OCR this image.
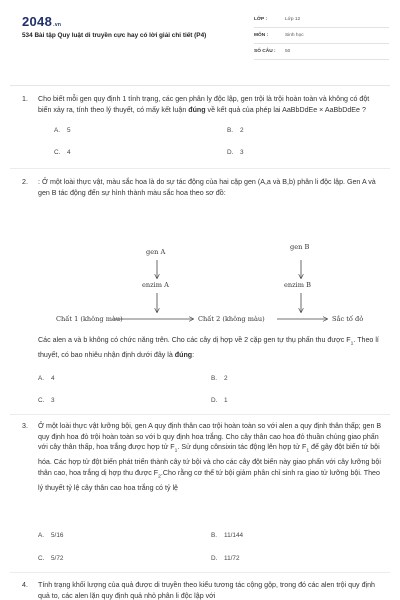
2048.vn
534 Bài tập Quy luật di truyền cực hay có lời giải chi tiết (P4)
LỚP :	Lớp 12
MÔN :	Sinh học
SỐ CÂU : 50
1. Cho biết mỗi gen quy định 1 tính trạng, các gen phân ly độc lập, gen trội là trội hoàn toàn và không có đột biến xảy ra, tính theo lý thuyết, có mấy kết luận đúng về kết quả của phép lai AaBbDdEe × AaBbDdEe ?
A. 5	B. 2
C. 4	D. 3
2. : Ở một loài thực vật, màu sắc hoa là do sự tác động của hai cặp gen (A,a và B,b) phân li độc lập. Gen A và gen B tác động đến sự hình thành màu sắc hoa theo sơ đồ:
gen A
gen B
enzim A	enzim B
Chất 1 (không màu)	Chất 2 (không màu)	Sắc tố đỏ
Các alen a và b không có chức năng trên. Cho các cây dị hợp về 2 cặp gen tự thụ phấn thu được $F_1$. Theo lí thuyết, có bao nhiêu nhận định dưới đây là đúng:
A. 4	B. 2
C. 3	D. 1
3. Ở một loài thực vật lưỡng bội, gen A quy định thân cao trội hoàn toàn so với alen a quy định thân thấp; gen B quy định hoa đỏ trội hoàn toàn so với b quy định hoa trắng. Cho cây thân cao hoa đỏ thuần chủng giao phấn với cây thân thấp, hoa trắng được hợp tử $F_1$. Sử dụng cônsixin tác động lên hợp tử $F_1$ để gây đột biến tứ bội hóa. Các hợp tử đột biến phát triển thành cây tứ bội và cho các cây đột biến này giao phấn với cây lưỡng bội thân cao, hoa trắng dị hợp thu được $F_2.Cho$ rằng cơ thể tứ bội giảm phân chỉ sinh ra giao tử lưỡng bội. Theo lý thuyết tỷ lệ cây thân cao hoa trắng có tỷ lệ
A. 5/16	B. 11/144
C. 5/72	D. 11/72
4. Tính trạng khối lượng của quả được di truyền theo kiểu tương tác cộng gộp, trong đó các alen trội quy định quả to, các alen lặn quy định quả nhỏ phân li độc lập với
